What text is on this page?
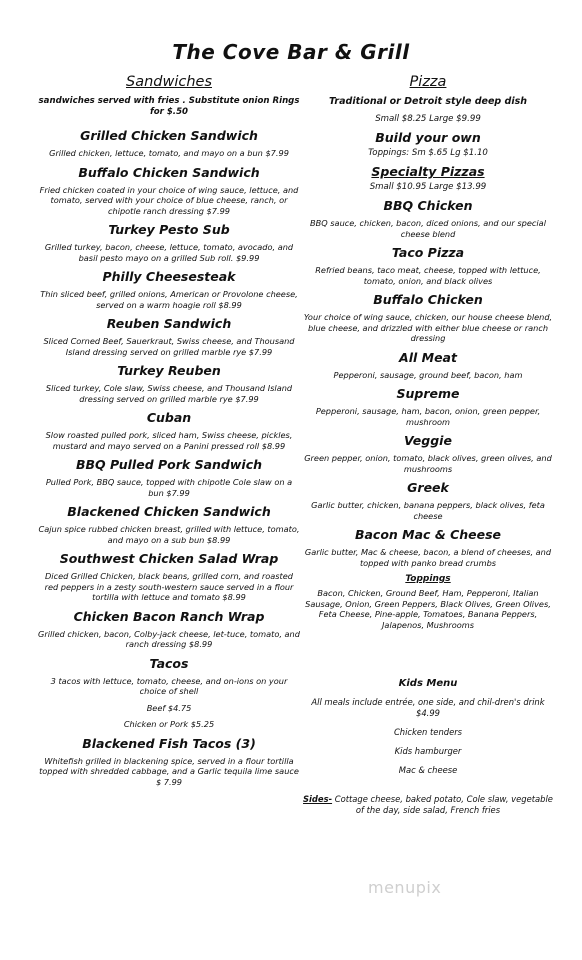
The Cove Bar & Grill
Sandwiches
sandwiches served with fries . Substitute onion Rings for $.50
Grilled Chicken Sandwich
Grilled chicken, lettuce, tomato, and mayo on a bun $7.99
Buffalo Chicken Sandwich
Fried chicken coated in your choice of wing sauce, lettuce, and tomato, served with your choice of blue cheese, ranch, or chipotle ranch dressing $7.99
Turkey Pesto Sub
Grilled turkey, bacon, cheese, lettuce, tomato, avocado, and basil pesto mayo on a grilled Sub roll. $9.99
Philly Cheesesteak
Thin sliced beef, grilled onions, American or Provolone cheese, served on a warm hoagie roll $8.99
Reuben Sandwich
Sliced Corned Beef, Sauerkraut, Swiss cheese, and Thousand Island dressing served on grilled marble rye $7.99
Turkey Reuben
Sliced turkey, Cole slaw, Swiss cheese, and Thousand Island dressing served on grilled marble rye $7.99
Cuban
Slow roasted pulled pork, sliced ham, Swiss cheese, pickles, mustard and mayo served on a Panini pressed roll $8.99
BBQ Pulled Pork Sandwich
Pulled Pork, BBQ sauce, topped with chipotle Cole slaw on a bun $7.99
Blackened Chicken Sandwich
Cajun spice rubbed chicken breast, grilled with lettuce, tomato, and mayo on a sub bun $8.99
Southwest Chicken Salad Wrap
Diced Grilled Chicken, black beans, grilled corn, and roasted red peppers in a zesty south-western sauce served in a flour tortilla with lettuce and tomato $8.99
Chicken Bacon Ranch Wrap
Grilled chicken, bacon, Colby-jack cheese, let-tuce, tomato, and ranch dressing $8.99
Tacos
3 tacos with lettuce, tomato, cheese, and on-ions on your choice of shell
Beef $4.75
Chicken or Pork $5.25
Blackened Fish Tacos (3)
Whitefish grilled in blackening spice, served in a flour tortilla topped with shredded cabbage, and a Garlic tequila lime sauce $ 7.99
Pizza
Traditional or Detroit style deep dish
Small $8.25 Large $9.99
Build your own
Toppings: Sm $.65 Lg $1.10
Specialty Pizzas
Small $10.95 Large $13.99
BBQ Chicken
BBQ sauce, chicken, bacon, diced onions, and our special cheese blend
Taco Pizza
Refried beans, taco meat, cheese, topped with lettuce, tomato, onion, and black olives
Buffalo Chicken
Your choice of wing sauce, chicken, our house cheese blend, blue cheese, and drizzled with either blue cheese or ranch dressing
All Meat
Pepperoni, sausage, ground beef, bacon, ham
Supreme
Pepperoni, sausage, ham, bacon, onion, green pepper, mushroom
Veggie
Green pepper, onion, tomato, black olives, green olives, and mushrooms
Greek
Garlic butter, chicken, banana peppers, black olives, feta cheese
Bacon Mac & Cheese
Garlic butter, Mac & cheese, bacon, a blend of cheeses, and topped with panko bread crumbs
Toppings
Bacon, Chicken, Ground Beef, Ham, Pepperoni, Italian Sausage, Onion, Green Peppers, Black Olives, Green Olives, Feta Cheese, Pine-apple, Tomatoes, Banana Peppers, Jalapenos, Mushrooms
Kids Menu
All meals include entrée, one side, and chil-dren's drink $4.99
Chicken tenders
Kids hamburger
Mac & cheese
Sides- Cottage cheese, baked potato, Cole slaw, vegetable of the day, side salad, French fries
menupix
